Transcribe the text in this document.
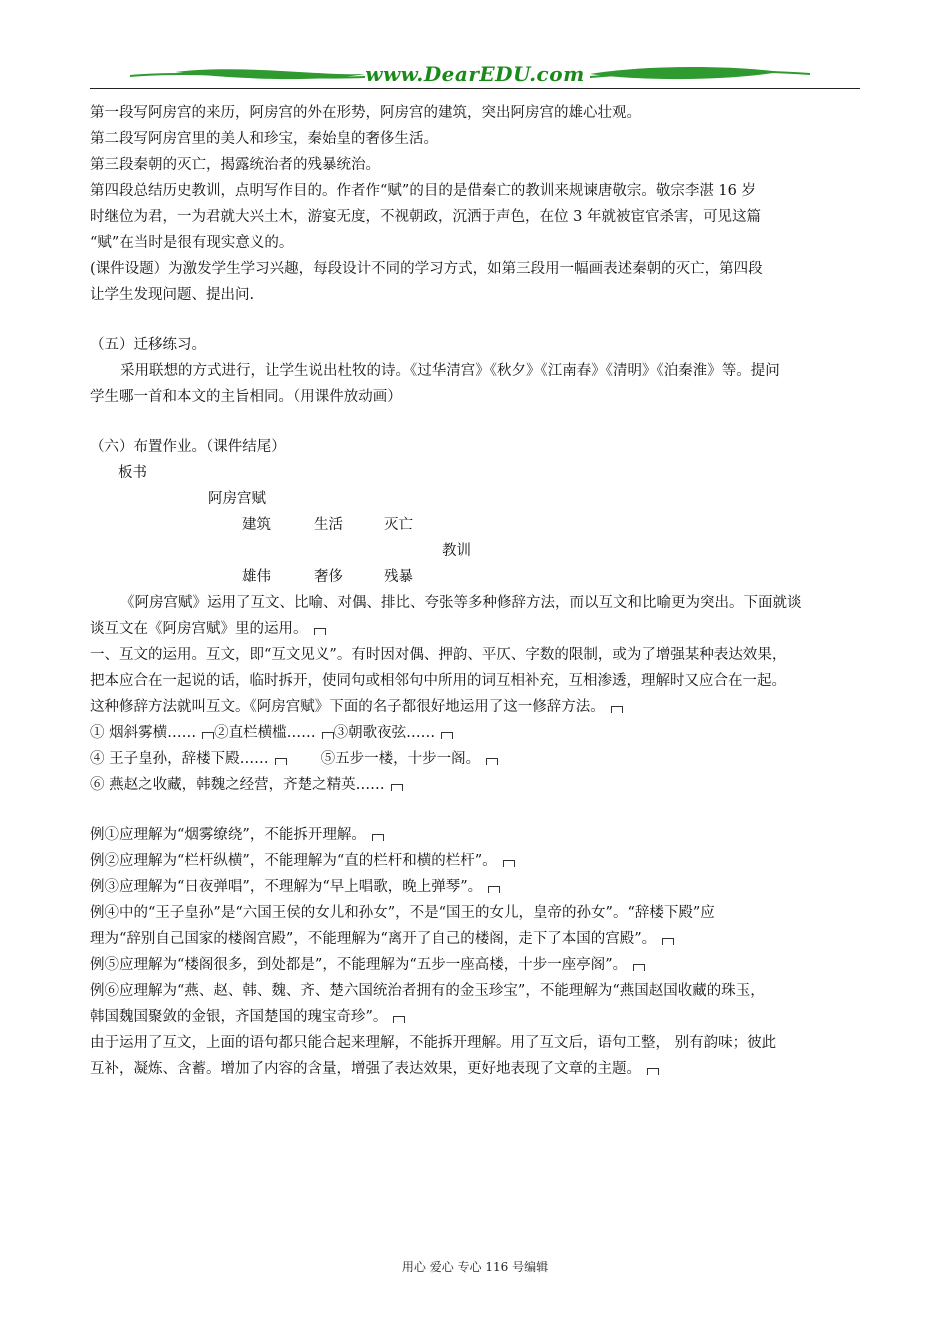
www.DearEDU.com
第一段写阿房宫的来历，阿房宫的外在形势，阿房宫的建筑，突出阿房宫的雄心壮观。
第二段写阿房宫里的美人和珍宝，秦始皇的奢侈生活。
第三段秦朝的灭亡，揭露统治者的残暴统治。
第四段总结历史教训，点明写作目的。作者作“赋”的目的是借秦亡的教训来规谏唐敬宗。敬宗李湛 16 岁
时继位为君，一为君就大兴土木，游宴无度，不视朝政，沉洒于声色，在位 3 年就被宦官杀害，可见这篇
“赋”在当时是很有现实意义的。
(课件设题）为激发学生学习兴趣，每段设计不同的学习方式，如第三段用一幅画表述秦朝的灭亡，第四段
让学生发现问题、提出问.
（五）迁移练习。
采用联想的方式进行，让学生说出杜牧的诗。《过华清宫》《秋夕》《江南春》《清明》《泊秦淮》等。提问
学生哪一首和本文的主旨相同。（用课件放动画）
（六）布置作业。（课件结尾）
板书
阿房宫赋
建筑	生活	灭亡
教训
雄伟	奢侈	残暴
《阿房宫赋》运用了互文、比喻、对偶、排比、夸张等多种修辞方法，而以互文和比喻更为突出。下面就谈
谈互文在《阿房宫赋》里的运用。
一、互文的运用。互文，即“互文见义”。有时因对偶、押韵、平仄、字数的限制，或为了增强某种表达效果，
把本应合在一起说的话，临时拆开，使同句或相邻句中所用的词互相补充，互相渗透，理解时又应合在一起。
这种修辞方法就叫互文。《阿房宫赋》下面的名子都很好地运用了这一修辞方法。
① 烟斜雾横…… ②直栏横槛…… ③朝歌夜弦……
④ 王子皇孙，辞楼下殿……	⑤五步一楼，十步一阁。
⑥ 燕赵之收藏，韩魏之经营，齐楚之精英……
例①应理解为“烟雾缭绕”，不能拆开理解。
例②应理解为“栏杆纵横”，不能理解为“直的栏杆和横的栏杆”。
例③应理解为“日夜弹唱”，不理解为“早上唱歌，晚上弹琴”。
例④中的“王子皇孙”是“六国王侯的女儿和孙女”，不是“国王的女儿，皇帝的孙女”。“辞楼下殿”应
理为“辞别自己国家的楼阁宫殿”，不能理解为“离开了自己的楼阁，走下了本国的宫殿”。
例⑤应理解为“楼阁很多，到处都是”，不能理解为“五步一座高楼，十步一座亭阁”。
例⑥应理解为“燕、赵、韩、魏、齐、楚六国统治者拥有的金玉珍宝”，不能理解为“燕国赵国收藏的珠玉，
韩国魏国聚敛的金银，齐国楚国的瑰宝奇珍”。
由于运用了互文，上面的语句都只能合起来理解，不能拆开理解。用了互文后，语句工整， 别有韵味；彼此
互补，凝炼、含蓄。增加了内容的含量，增强了表达效果，更好地表现了文章的主题。
用心 爱心 专心 116 号编辑
